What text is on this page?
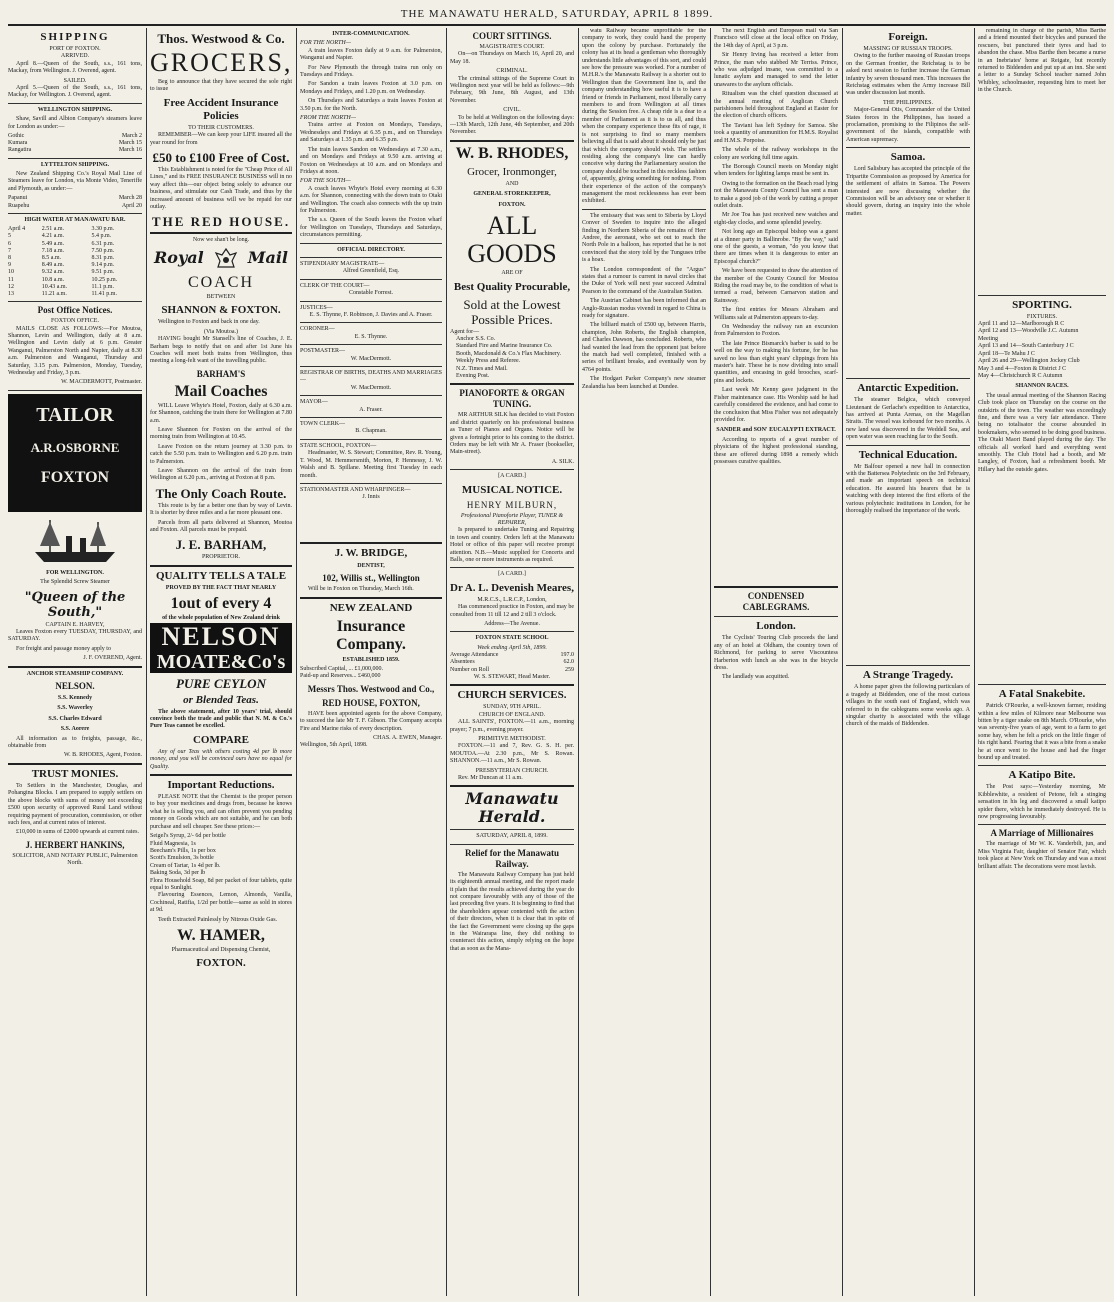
THE MANAWATU HERALD, SATURDAY, APRIL 8 1899.
SHIPPING
PORT OF FOXTON.
ARRIVED.

April 8.—Queen of the South, s.s., 161 tons, Mackay, from Wellington. J. Overend, agent.

SAILED.

April 5.—Queen of the South, s.s., 161 tons, Mackay, for Wellington. J. Overend, agent.

WELLINGTON SHIPPING.

Shaw, Savill and Albion Company's steamers leave for London as under:—

Gothic	March 2
Kumara	March 15
Rangatira	March 16
LYTTELTON SHIPPING.

New Zealand Shipping Co.'s Royal Mail Line of Steamers leave for London, via Monte Video, Teneriffe and Plymouth, as under:—

Papanui	March 28
Ruapehu	April 20
HIGH WATER AT MANAWATU BAR.
April 4	2.51 a.m.	3.30 p.m.
5	4.21 a.m.	5.4 p.m.
6	5.49 a.m.	6.31 p.m.
7	7.18 a.m.	7.50 p.m.
8	8.5 a.m.	8.31 p.m.
9	8.49 a.m.	9.14 p.m.
10	9.32 a.m.	9.51 p.m.
11	10.8 a.m.	10.25 p.m.
12	10.43 a.m.	11.1 p.m.
13	11.21 a.m.	11.41 p.m.
Post Office Notices.
FOXTON OFFICE.

MAILS CLOSE AS FOLLOWS:—For Moutoa, Shannon, Levin and Wellington, daily at 8 a.m. Wellington and Levin daily at 6 p.m. Greater Wanganui, Palmerston North and Napier, daily at 8.30 a.m. Palmerston and Wanganui, Thursday and Saturday, 3.15 p.m. Palmerston, Monday, Tuesday, Wednesday and Friday, 3 p.m.

W. MACDERMOTT, Postmaster.
TAILOR
A.R.OSBORNE
FOXTON
FOR WELLINGTON.
The Splendid Screw Steamer
"Queen of the South,"
CAPTAIN E. HARVEY,

Leaves Foxton every TUESDAY, THURSDAY, and SATURDAY.

For freight and passage money apply to

J. F. OVEREND, Agent.
ANCHOR STEAMSHIP COMPANY.
NELSON.
S.S. Kennedy
S.S. Waverley
S.S. Charles Edward
S.S. Aorere

All information as to freights, passage, &c., obtainable from

W. B. RHODES, Agent, Foxton.
TRUST MONIES.

To Settlers in the Manchester, Douglas, and Pohangina Blocks. I am prepared to supply settlers on the above blocks with sums of money not exceeding £500 upon security of approved Rural Land without requiring payment of procuration, commission, or other such fees, and at current rates of interest.

£10,000 in sums of £2000 upwards at current rates.

J. HERBERT HANKINS,
SOLICITOR, AND NOTARY PUBLIC, Palmerston North.
Thos. Westwood & Co.
GROCERS,

Beg to announce that they have secured the sole right to issue

Free Accident Insurance Policies
TO THEIR CUSTOMERS.

REMEMBER—We can keep your LIFE insured all the year round for from

£50 to £100 Free of Cost.

This Establishment is noted for the "Cheap Price of All Lines," and its FREE INSURANCE BUSINESS will in no way affect this—our object being solely to advance our business, and stimulate our Cash Trade, and thus by the increased amount of business will we be repaid for our outlay.

THE RED HOUSE.
Now we shan't be long.
Royal	Mail
COACH
BETWEEN
SHANNON & FOXTON.

Wellington to Foxton and back in one day.

(Via Moutoa.)

HAVING bought Mr Stansell's line of Coaches, J. E. Barham begs to notify that on and after 1st June his Coaches will meet both trains from Wellington, thus meeting a long-felt want of the travelling public.

BARHAM'S
Mail Coaches

WILL Leave Whyte's Hotel, Foxton, daily at 6.30 a.m. for Shannon, catching the train there for Wellington at 7.80 a.m.

Leave Shannon for Foxton on the arrival of the morning train from Wellington at 10.45.

Leave Foxton on the return journey at 3.30 p.m. to catch the 5.50 p.m. train to Wellington and 6.20 p.m. train to Palmerston.

Leave Shannon on the arrival of the train from Wellington at 6.20 p.m., arriving at Foxton at 8 p.m.

The Only Coach Route.

This route is by far a better one than by way of Levin. It is shorter by three miles and a far more pleasant one.

Parcels from all parts delivered at Shannon, Moutoa and Foxton. All parcels must be prepaid.

J. E. BARHAM,
PROPRIETOR.
QUALITY TELLS A TALE
PROVED BY THE FACT THAT NEARLY
1out of every 4
of the whole population of New Zealand drink
NELSON
MOATE&Co's
PURE CEYLON
or Blended Teas.

The above statement, after 10 years' trial, should convince both the trade and public that N. M. & Co.'s Pure Teas cannot be excelled.

COMPARE

Any of our Teas with others costing 4d per lb more money, and you will be convinced ours have no equal for Quality.

Important Reductions.

PLEASE NOTE that the Chemist is the proper person to buy your medicines and drugs from, because he knows what he is selling you, and can often prevent you pending money on Goods which are not suitable, and he can both purchase and sell cheaper. See these prices:—

Seigel's Syrup, 2/- 6d per bottle
Fluid Magnesia, 1s
Beecham's Pills, 1s per box
Scott's Emulsion, 3s bottle
Cream of Tartar, 1s 4d per lb.
Baking Soda, 3d per lb
Flora Household Soap, 8d per packet of four tablets, quite equal to Sunlight.

Flavouring Essences, Lemon, Almonds, Vanilla, Cochineal, Ratifia, 1/2d per bottle—same as sold in stores at 9d.

Teeth Extracted Painlessly by Nitrous Oxide Gas.

W. HAMER,
Pharmaceutical and Dispensing Chemist,
FOXTON.
INTER-COMMUNICATION.
FOR THE NORTH—

A train leaves Foxton daily at 9 a.m. for Palmerston, Wanganui and Napier.

For New Plymouth the through trains run only on Tuesdays and Fridays.

For Sandon a train leaves Foxton at 3.0 p.m. on Mondays and Fridays, and 1.20 p.m. on Wednesday.

On Thursdays and Saturdays a train leaves Foxton at 3.50 p.m. for the North.

FROM THE NORTH—

Trains arrive at Foxton on Mondays, Tuesdays, Wednesdays and Fridays at 6.35 p.m., and on Thursdays and Saturdays at 1.35 p.m. and 6.35 p.m.

The train leaves Sandon on Wednesdays at 7.30 a.m., and on Mondays and Fridays at 9.50 a.m. arriving at Foxton on Wednesdays at 10 a.m. and on Mondays and Fridays at noon.

FOR THE SOUTH—

A coach leaves Whyte's Hotel every morning at 6.30 a.m. for Shannon, connecting with the down train to Otaki and Wellington. The coach also connects with the up train for Palmerston.

The s.s. Queen of the South leaves the Foxton wharf for Wellington on Tuesdays, Thursdays and Saturdays, circumstances permitting.

OFFICIAL DIRECTORY.
STIPENDIARY MAGISTRATE—
Alfred Greenfield, Esq.
CLERK OF THE COURT—
Constable Forrest.
JUSTICES—
E. S. Thynne, F. Robinson, J. Davies and A. Fraser.
CORONER—
E. S. Thynne.
POSTMASTER—
W. MacDermott.
REGISTRAR OF BIRTHS, DEATHS AND MARRIAGES—
W. MacDermott.
MAYOR—
A. Fraser.
TOWN CLERK—
B. Chapman.
STATE SCHOOL, FOXTON—

Headmaster, W. S. Stewart; Committee, Rev. R. Young, T. Wood, M. Hemmersmith, Morton, P. Hennessy, J. W. Walsh and B. Spillane. Meeting first Tuesday in each month.

STATIONMASTER AND WHARFINGER—
J. Innis
J. W. BRIDGE,
DENTIST,
102, Willis st., Wellington

Will be in Foxton on Thursday, March 16th.

NEW ZEALAND
Insurance Company.
ESTABLISHED 1859.
Subscribed Capital, ... £1,000,000.
Paid-up and Reserves... £460,000
Messrs Thos. Westwood and Co.,
RED HOUSE, FOXTON,

HAVE been appointed agents for the above Company, to succeed the late Mr T. F. Gibson. The Company accepts Fire and Marine risks of every description.

CHAS. A. EWEN, Manager.
Wellington, 5th April, 1898.
COURT SITTINGS.
MAGISTRATE'S COURT.

On—on Thursdays on March 16, April 20, and May 18.

CRIMINAL.

The criminal sittings of the Supreme Court in Wellington next year will be held as follows:—9th February, 9th June, 8th August, and 13th November.

CIVIL.

To be held at Wellington on the following days:—13th March, 12th June, 4th September, and 20th November.

W. B. RHODES,
Grocer, Ironmonger,
AND
GENERAL STOREKEEPER,
FOXTON.
ALL GOODS
ARE OF
Best Quality Procurable,
Sold at the Lowest Possible Prices.
Agent for—
Anchor S.S. Co.
Standard Fire and Marine Insurance Co.
Booth, Macdonald & Co.'s Flax Machinery.
Weekly Press and Referee.
N.Z. Times and Mail.
Evening Post.
PIANOFORTE & ORGAN TUNING.

MR ARTHUR SILK has decided to visit Foxton and district quarterly on his professional business as Tuner of Pianos and Organs. Notice will be given a fortnight prior to his coming to the district. Orders may be left with Mr A. Fraser (bookseller, Main-street).

A. SILK.
[A CARD.]
MUSICAL NOTICE.
HENRY MILBURN,
Professional Pianoforte Player, TUNER & REPAIRER,

Is prepared to undertake Tuning and Repairing in town and country. Orders left at the Manawatu Hotel or office of this paper will receive prompt attention. N.B.—Music supplied for Concerts and Balls, one or more instruments as required.

[A CARD.]
Dr A. L. Devenish Meares,
M.R.C.S., L.R.C.P., London,

Has commenced practice in Foxton, and may be consulted from 11 till 12 and 2 till 3 o'clock.

Address—The Avenue.
FOXTON STATE SCHOOL
Week ending April 5th, 1899.
Average Attendance	197.0
Absentees	62.0
Number on Roll	259
W. S. STEWART, Head Master.
CHURCH SERVICES.
SUNDAY, 9TH APRIL.
CHURCH OF ENGLAND.

ALL SAINTS', FOXTON.—11 a.m., morning prayer; 7 p.m., evening prayer.

PRIMITIVE METHODIST.

FOXTON.—11 and 7, Rev. G. S. H. per. MOUTOA.—At 2.30 p.m., Mr S. Rowan. SHANNON.—11 a.m., Mr S. Rowan.

PRESBYTERIAN CHURCH.

Rev. Mr Duncan at 11 a.m.

Manawatu Herald.
SATURDAY, APRIL 8, 1899.
Relief for the Manawatu Railway.

The Manawatu Railway Company has just held its eighteenth annual meeting, and the report made it plain that the results achieved during the year do not compare favourably with any of those of the last preceding five years. It is beginning to find that the shareholders appear contented with the action of their directors, when it is clear that in spite of the fact the Government were closing up the gaps in the Wairarapa line, they did nothing to counteract this action, simply relying on the hope that as soon as the Mana-

watu Railway became unprofitable for the company to work, they could hand the property upon the colony by purchase. Fortunately the colony has at its head a gentleman who thoroughly understands little advantages of this sort, and could see how the pressure was worked. For a number of M.H.R.'s the Manawatu Railway is a shorter out to Wellington than the Government line is, and the company understanding how useful it is to have a friend or friends in Parliament, most liberally carry members to and from Wellington at all times during the Session free. A cheap ride is a dear to a member of Parliament as it is to us all, and thus when the company experience these fits of rage, it is not surprising to find so many members believing all that is said about it should only be just that which the company should wish. The settlers residing along the company's line can hardly conceive why during the Parliamentary session the company should be touched in this reckless fashion of, apparently, giving something for nothing. From their experience of the action of the company's management the most recklessness has ever been exhibited.

The emissary that was sent to Siberia by Lloyd Conver of Sweden to inquire into the alleged finding in Northern Siberia of the remains of Herr Andree, the aeronaut, who set out to reach the North Pole in a balloon, has reported that he is not convinced that the story told by the Tunguses tribe is a hoax.

The London correspondent of the "Argus" states that a rumour is current in naval circles that the Duke of York will next year succeed Admiral Pearson to the command of the Australian Station.

The Austrian Cabinet has been informed that an Anglo-Russian modus vivendi in regard to China is ready for signature.

The billiard match of £500 up, between Harris, champion, John Roberts, the English champion, and Charles Dawson, has concluded. Roberts, who had wanted the lead from the opponent just before the match had well completed, finished with a series of brilliant breaks, and eventually won by 4764 points.

The Hodgart Parker Company's new steamer Zealandia has been launched at Dundee.

The next English and European mail via San Francisco will close at the local office on Friday, the 14th day of April, at 3 p.m.

Sir Henry Irving has received a letter from Prince, the man who stabbed Mr Terriss. Prince, who was adjudged insane, was committed to a lunatic asylum and managed to send the letter unawares to the asylum officials.

Ritualism was the chief question discussed at the annual meeting of Anglican Church parishioners held throughout England at Easter for the election of church officers.

The Taviani has left Sydney for Samoa. She took a quantity of ammunition for H.M.S. Royalist and H.M.S. Porpoise.

The whole of the railway workshops in the colony are working full time again.

The Borough Council meets on Monday night when tenders for lighting lamps must be sent in.

Owing to the formation on the Beach road lying not the Manawatu County Council has sent a man to make a good job of the work by cutting a proper outlet drain.

Mr Joe Toa has just received new watches and eight-day clocks, and some splendid jewelry.

Not long ago an Episcopal bishop was a guest at a dinner party in Ballinrobe. "By the way," said one of the guests, a woman, "do you know that there are times when it is dangerous to enter an Episcopal church?"

We have been requested to draw the attention of the member of the County Council for Moutoa Riding the road may be, to the condition of what is termed a road, between Carnarvon station and Rainsway.

The first entries for Messrs Abraham and Williams sale at Palmerston appears to-day.

On Wednesday the railway ran an excursion from Palmerston to Foxton.

The late Prince Bismarck's barber is said to be well on the way to making his fortune, for he has saved no less than eight years' clippings from his master's hair. These he is now dividing into small quantities, and encasing in gold brooches, scarf-pins and lockets.

Last week Mr Kenny gave judgment in the Fisher maintenance case. His Worship said he had carefully considered the evidence, and had come to the conclusion that Miss Fisher was not adequately provided for.

SANDER and SON' EUCALYPTI EXTRACT.

According to reports of a great number of physicians of the highest professional standing, these are offered during 1898 a remedy which possesses curative qualities.

CONDENSED CABLEGRAMS.
London.

The Cyclists' Touring Club proceeds the land any of an hotel at Oldham, the country town of Richmond, for parking to serve Viscountess Harberton with lunch as she was in the bicycle dress.

The landlady was acquitted.

Foreign.
MASSING OF RUSSIAN TROOPS.

Owing to the further massing of Russian troops on the German frontier, the Reichstag is to be asked next session to further increase the German infantry by seven thousand men. This increases the Reichstag estimates when the Army increase Bill was under discussion last month.

THE PHILIPPINES.

Major-General Otis, Commander of the United States forces in the Philippines, has issued a proclamation, promising to the Filipinos the self-government of the islands, compatible with American supremacy.

Samoa.

Lord Salisbury has accepted the principle of the Tripartite Commission as proposed by America for the settlement of affairs in Samoa. The Powers interested are now discussing whether the Commission will be an advisory one or whether it should govern, during an inquiry into the whole matter.

Antarctic Expedition.

The steamer Belgica, which conveyed Lieutenant de Gerlache's expedition to Antarctica, has arrived at Punta Arenas, on the Magellan Straits. The vessel was icebound for two months. A new land was discovered in the Weddell Sea, and open water was seen reaching far to the South.

Technical Education.

Mr Balfour opened a new hall in connection with the Battersea Polytechnic on the 3rd February, and made an important speech on technical education. He assured his hearers that he is watching with deep interest the first efforts of the various polytechnic institutions in London, for he thoroughly realised the importance of the work.

A Strange Tragedy.

A home paper gives the following particulars of a tragedy at Biddenden, one of the most curious villages in the south east of England, which was referred to in the cablegrams some weeks ago. A singular charity is associated with the village church of the maids of Biddenden.

remaining in charge of the parish, Miss Barthe and a friend mounted their bicycles and pursued the rescuers, but punctured their tyres and had to abandon the chase. Miss Barthe then became a nurse in an Inebriates' home at Reigate, but recently returned to Biddenden and put up at an inn. She sent a letter to a Sunday School teacher named John Whibley, schoolmaster, requesting him to meet her in the Church.

SPORTING.
FIXTURES.
April 11 and 12—Marlborough R C
April 12 and 13—Woodville J.C. Autumn
Meeting
April 13 and 14—South Canterbury J C
April 18—Te Mahu J C
April 26 and 29—Wellington Jockey Club
May 3 and 4—Foxton & District J C
May 4—Christchurch R C Autumn
SHANNON RACES.

The usual annual meeting of the Shannon Racing Club took place on Thursday on the course on the outskirts of the town. The weather was exceedingly fine, and there was a very fair attendance. There being no totalisator the course abounded in bookmakers, who seemed to be doing good business. The Otaki Maori Band played during the day. The officials all worked hard and everything went smoothly. The Club Hotel had a booth, and Mr Langley, of Foxton, had a refreshment booth. Mr Hillary had the outside gates.

A Fatal Snakebite.

Patrick O'Rourke, a well-known farmer, residing within a few miles of Kilmore near Melbourne was bitten by a tiger snake on 8th March. O'Rourke, who was seventy-five years of age, went to a farm to get some hay, when he felt a prick on the little finger of his right hand. Fearing that it was a bite from a snake he at once went to the house and had the finger bound up and treated.

A Katipo Bite.

The Post says:—Yesterday morning, Mr Kibblewhite, a resident of Petone, felt a stinging sensation in his leg and discovered a small katipo spider there, which he immediately destroyed. He is now progressing favourably.

A Marriage of Millionaires

The marriage of Mr W. K. Vanderbilt, jun, and Miss Virginia Fair, daughter of Senator Fair, which took place at New York on Thursday and was a most brilliant affair. The decorations were most lavish.
